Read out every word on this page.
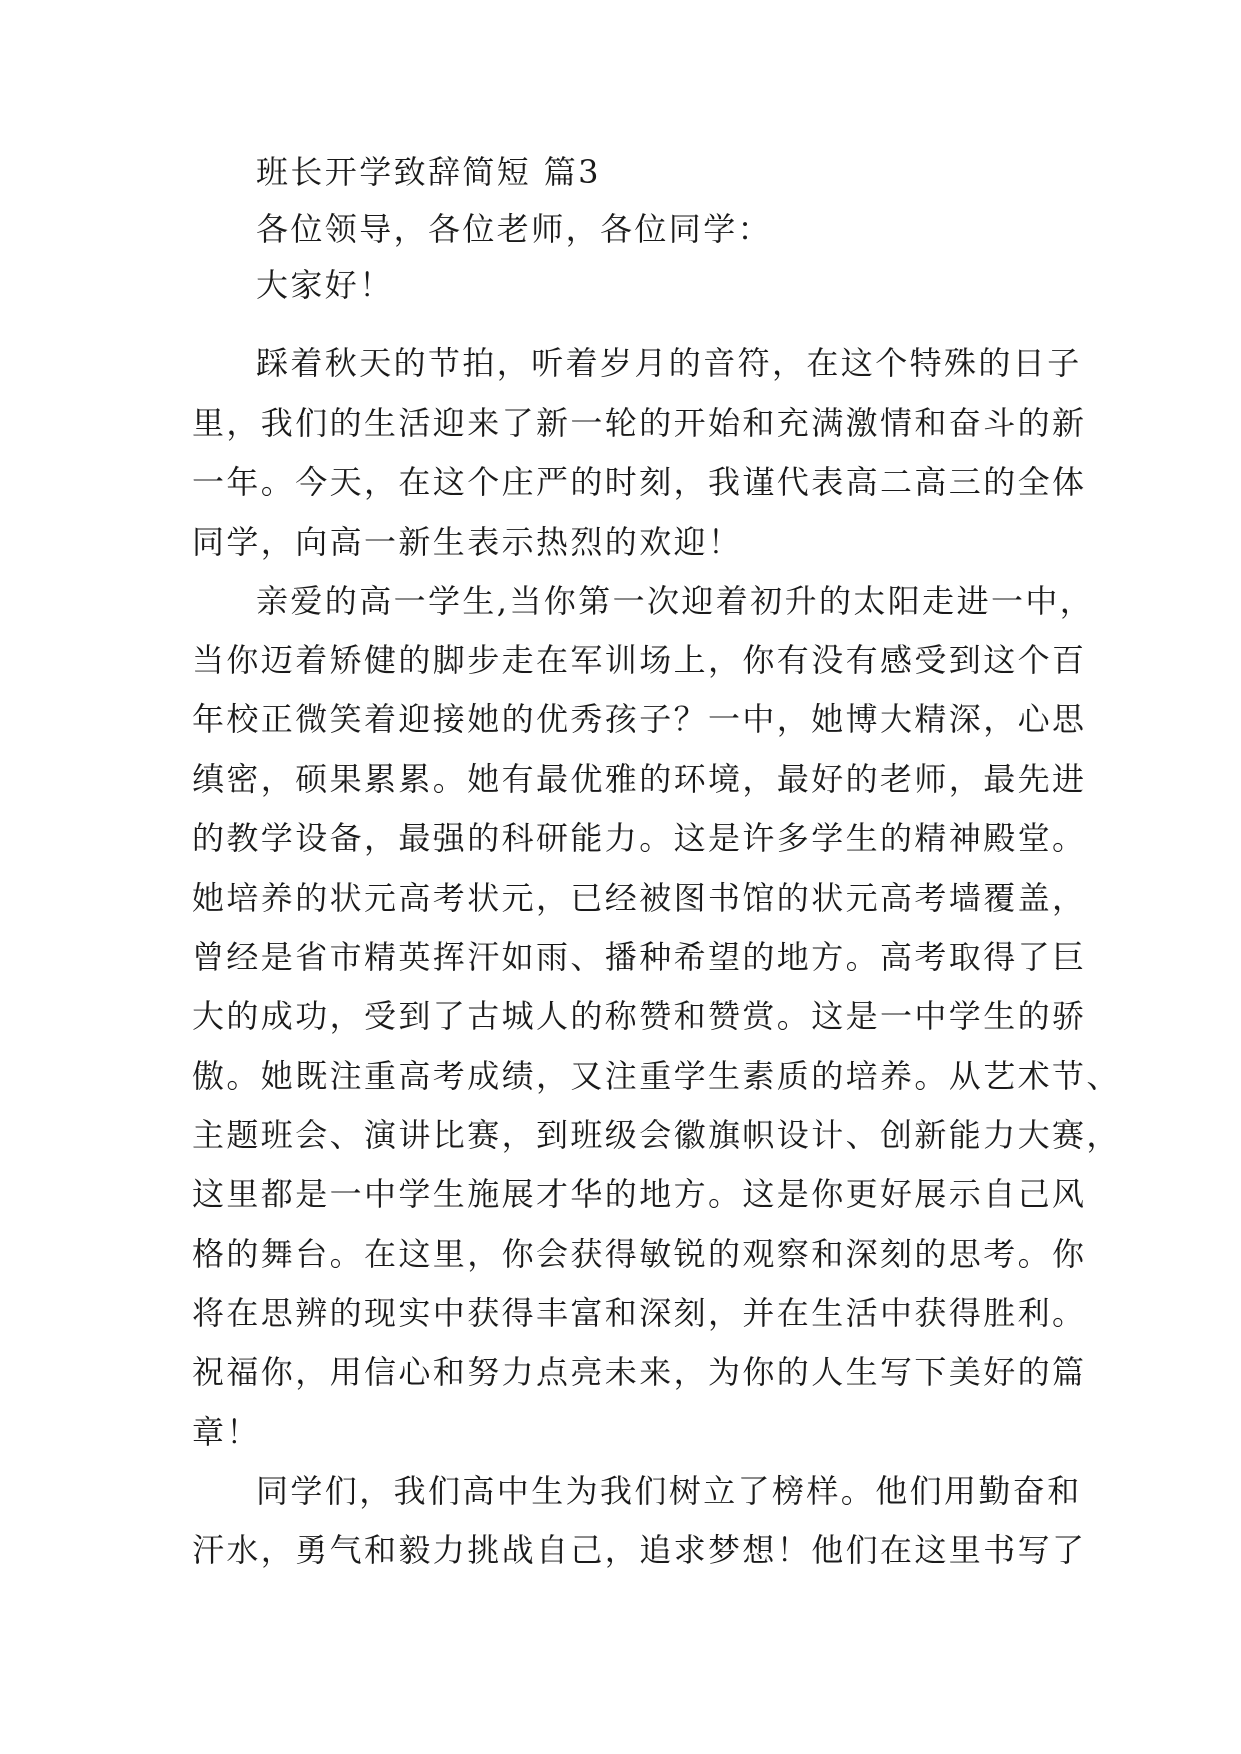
班长开学致辞简短 篇3

各位领导，各位老师，各位同学：

大家好！

踩着秋天的节拍，听着岁月的音符，在这个特殊的日子

里，我们的生活迎来了新一轮的开始和充满激情和奋斗的新

一年。今天，在这个庄严的时刻，我谨代表高二高三的全体

同学，向高一新生表示热烈的欢迎！

亲爱的高一学生,当你第一次迎着初升的太阳走进一中，

当你迈着矫健的脚步走在军训场上，你有没有感受到这个百

年校正微笑着迎接她的优秀孩子？一中，她博大精深，心思

缜密，硕果累累。她有最优雅的环境，最好的老师，最先进

的教学设备，最强的科研能力。这是许多学生的精神殿堂。

她培养的状元高考状元，已经被图书馆的状元高考墙覆盖，

曾经是省市精英挥汗如雨、播种希望的地方。高考取得了巨

大的成功，受到了古城人的称赞和赞赏。这是一中学生的骄

傲。她既注重高考成绩，又注重学生素质的培养。从艺术节、

主题班会、演讲比赛，到班级会徽旗帜设计、创新能力大赛，

这里都是一中学生施展才华的地方。这是你更好展示自己风

格的舞台。在这里，你会获得敏锐的观察和深刻的思考。你

将在思辨的现实中获得丰富和深刻，并在生活中获得胜利。

祝福你，用信心和努力点亮未来，为你的人生写下美好的篇

章！

同学们，我们高中生为我们树立了榜样。他们用勤奋和

汗水，勇气和毅力挑战自己，追求梦想！他们在这里书写了
